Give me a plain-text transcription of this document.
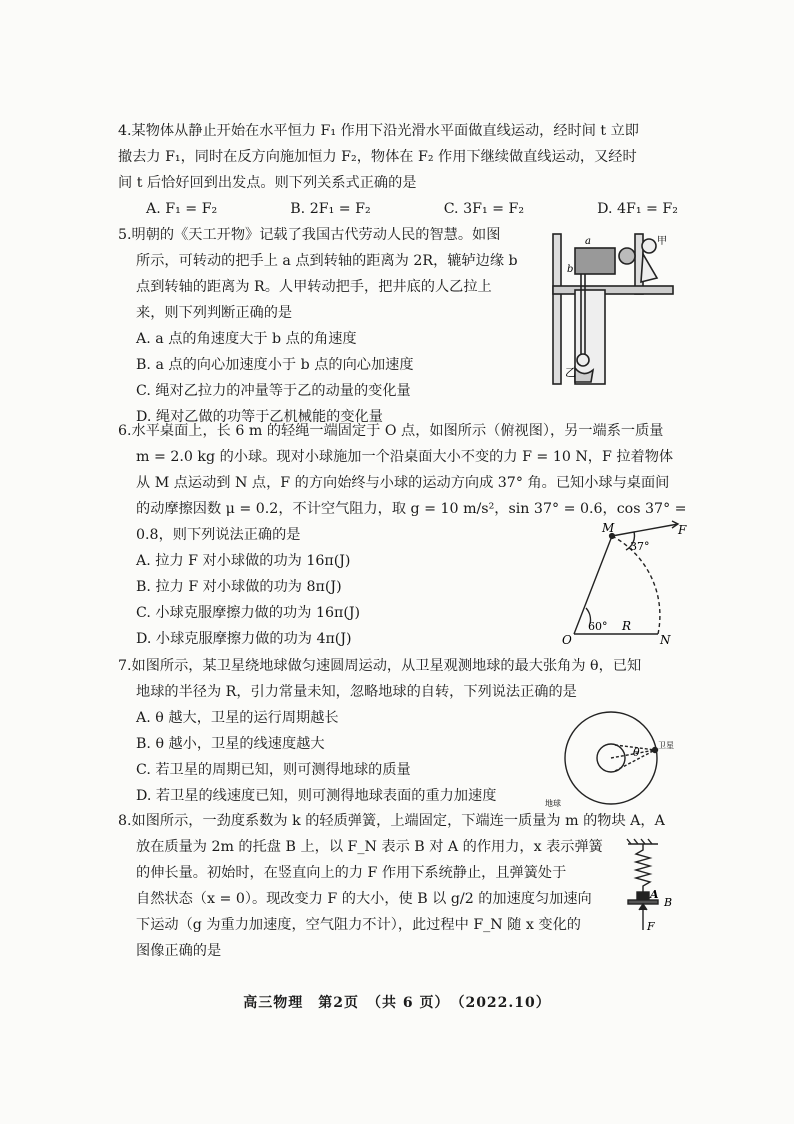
4.某物体从静止开始在水平恒力 F₁ 作用下沿光滑水平面做直线运动，经时间 t 立即
撤去力 F₁，同时在反方向施加恒力 F₂，物体在 F₂ 作用下继续做直线运动，又经时
间 t 后恰好回到出发点。则下列关系式正确的是
A. F₁ = F₂	B. 2F₁ = F₂	C. 3F₁ = F₂	D. 4F₁ = F₂
5.明朝的《天工开物》记载了我国古代劳动人民的智慧。如图
所示，可转动的把手上 a 点到转轴的距离为 2R，辘轳边缘 b
点到转轴的距离为 R。人甲转动把手，把井底的人乙拉上
来，则下列判断正确的是
A. a 点的角速度大于 b 点的角速度
B. a 点的向心加速度小于 b 点的向心加速度
C. 绳对乙拉力的冲量等于乙的动量的变化量
D. 绳对乙做的功等于乙机械能的变化量
甲
乙
a
b
6.水平桌面上，长 6 m 的轻绳一端固定于 O 点，如图所示（俯视图），另一端系一质量
m = 2.0 kg 的小球。现对小球施加一个沿桌面大小不变的力 F = 10 N，F 拉着物体
从 M 点运动到 N 点，F 的方向始终与小球的运动方向成 37° 角。已知小球与桌面间
的动摩擦因数 μ = 0.2，不计空气阻力，取 g = 10 m/s²，sin 37° = 0.6，cos 37° =
0.8，则下列说法正确的是
A. 拉力 F 对小球做的功为 16π(J)
B. 拉力 F 对小球做的功为 8π(J)
C. 小球克服摩擦力做的功为 16π(J)
D. 小球克服摩擦力做的功为 4π(J)
M	F
O	N
R
60°
37°
7.如图所示，某卫星绕地球做匀速圆周运动，从卫星观测地球的最大张角为 θ，已知
地球的半径为 R，引力常量未知，忽略地球的自转，下列说法正确的是
A. θ 越大，卫星的运行周期越长
B. θ 越小，卫星的线速度越大
C. 若卫星的周期已知，则可测得地球的质量
D. 若卫星的线速度已知，则可测得地球表面的重力加速度
θ
卫星
地球
8.如图所示，一劲度系数为 k 的轻质弹簧，上端固定，下端连一质量为 m 的物块 A，A
放在质量为 2m 的托盘 B 上，以 F_N 表示 B 对 A 的作用力，x 表示弹簧
的伸长量。初始时，在竖直向上的力 F 作用下系统静止，且弹簧处于
自然状态（x = 0）。现改变力 F 的大小，使 B 以 g/2 的加速度匀加速向
下运动（g 为重力加速度，空气阻力不计），此过程中 F_N 随 x 变化的
图像正确的是
A
B
F
高三物理　第2页　（共 6 页）　（2022.10）
